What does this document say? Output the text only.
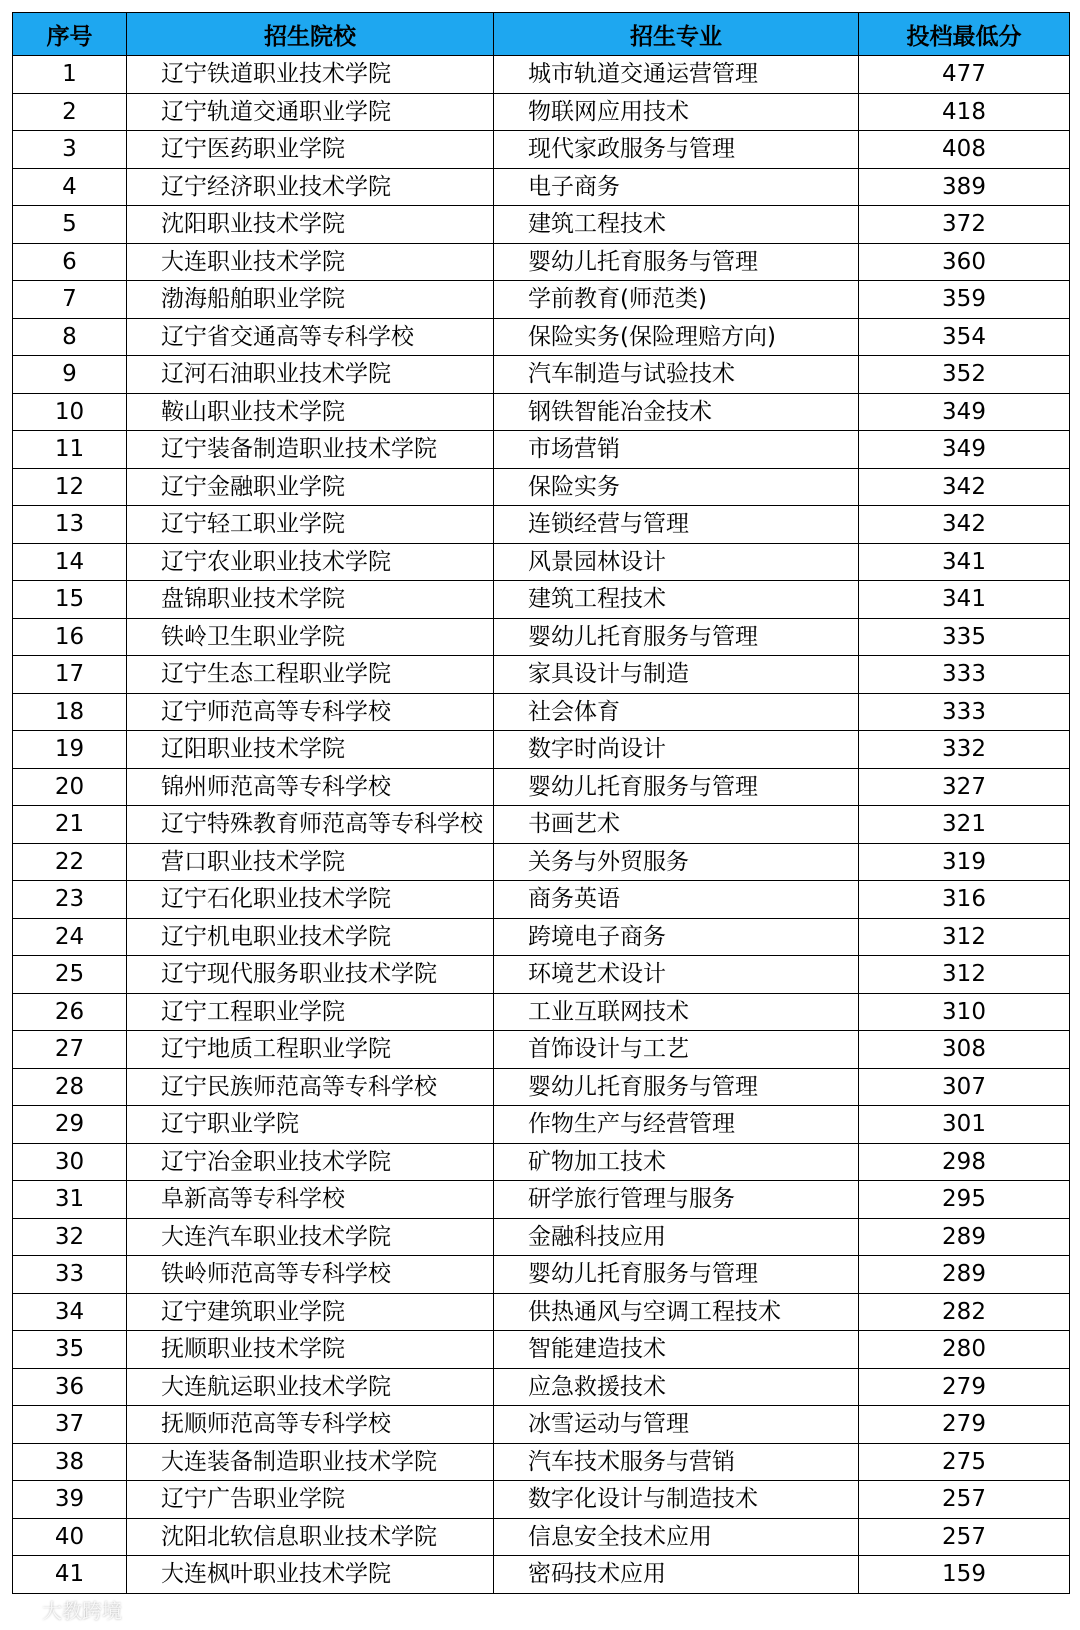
序号	招生院校	招生专业	投档最低分
1	辽宁铁道职业技术学院	城市轨道交通运营管理	477
2	辽宁轨道交通职业学院	物联网应用技术	418
3	辽宁医药职业学院	现代家政服务与管理	408
4	辽宁经济职业技术学院	电子商务	389
5	沈阳职业技术学院	建筑工程技术	372
6	大连职业技术学院	婴幼儿托育服务与管理	360
7	渤海船舶职业学院	学前教育(师范类)	359
8	辽宁省交通高等专科学校	保险实务(保险理赔方向)	354
9	辽河石油职业技术学院	汽车制造与试验技术	352
10	鞍山职业技术学院	钢铁智能冶金技术	349
11	辽宁装备制造职业技术学院	市场营销	349
12	辽宁金融职业学院	保险实务	342
13	辽宁轻工职业学院	连锁经营与管理	342
14	辽宁农业职业技术学院	风景园林设计	341
15	盘锦职业技术学院	建筑工程技术	341
16	铁岭卫生职业学院	婴幼儿托育服务与管理	335
17	辽宁生态工程职业学院	家具设计与制造	333
18	辽宁师范高等专科学校	社会体育	333
19	辽阳职业技术学院	数字时尚设计	332
20	锦州师范高等专科学校	婴幼儿托育服务与管理	327
21	辽宁特殊教育师范高等专科学校	书画艺术	321
22	营口职业技术学院	关务与外贸服务	319
23	辽宁石化职业技术学院	商务英语	316
24	辽宁机电职业技术学院	跨境电子商务	312
25	辽宁现代服务职业技术学院	环境艺术设计	312
26	辽宁工程职业学院	工业互联网技术	310
27	辽宁地质工程职业学院	首饰设计与工艺	308
28	辽宁民族师范高等专科学校	婴幼儿托育服务与管理	307
29	辽宁职业学院	作物生产与经营管理	301
30	辽宁冶金职业技术学院	矿物加工技术	298
31	阜新高等专科学校	研学旅行管理与服务	295
32	大连汽车职业技术学院	金融科技应用	289
33	铁岭师范高等专科学校	婴幼儿托育服务与管理	289
34	辽宁建筑职业学院	供热通风与空调工程技术	282
35	抚顺职业技术学院	智能建造技术	280
36	大连航运职业技术学院	应急救援技术	279
37	抚顺师范高等专科学校	冰雪运动与管理	279
38	大连装备制造职业技术学院	汽车技术服务与营销	275
39	辽宁广告职业学院	数字化设计与制造技术	257
40	沈阳北软信息职业技术学院	信息安全技术应用	257
41	大连枫叶职业技术学院	密码技术应用	159
大教跨境
